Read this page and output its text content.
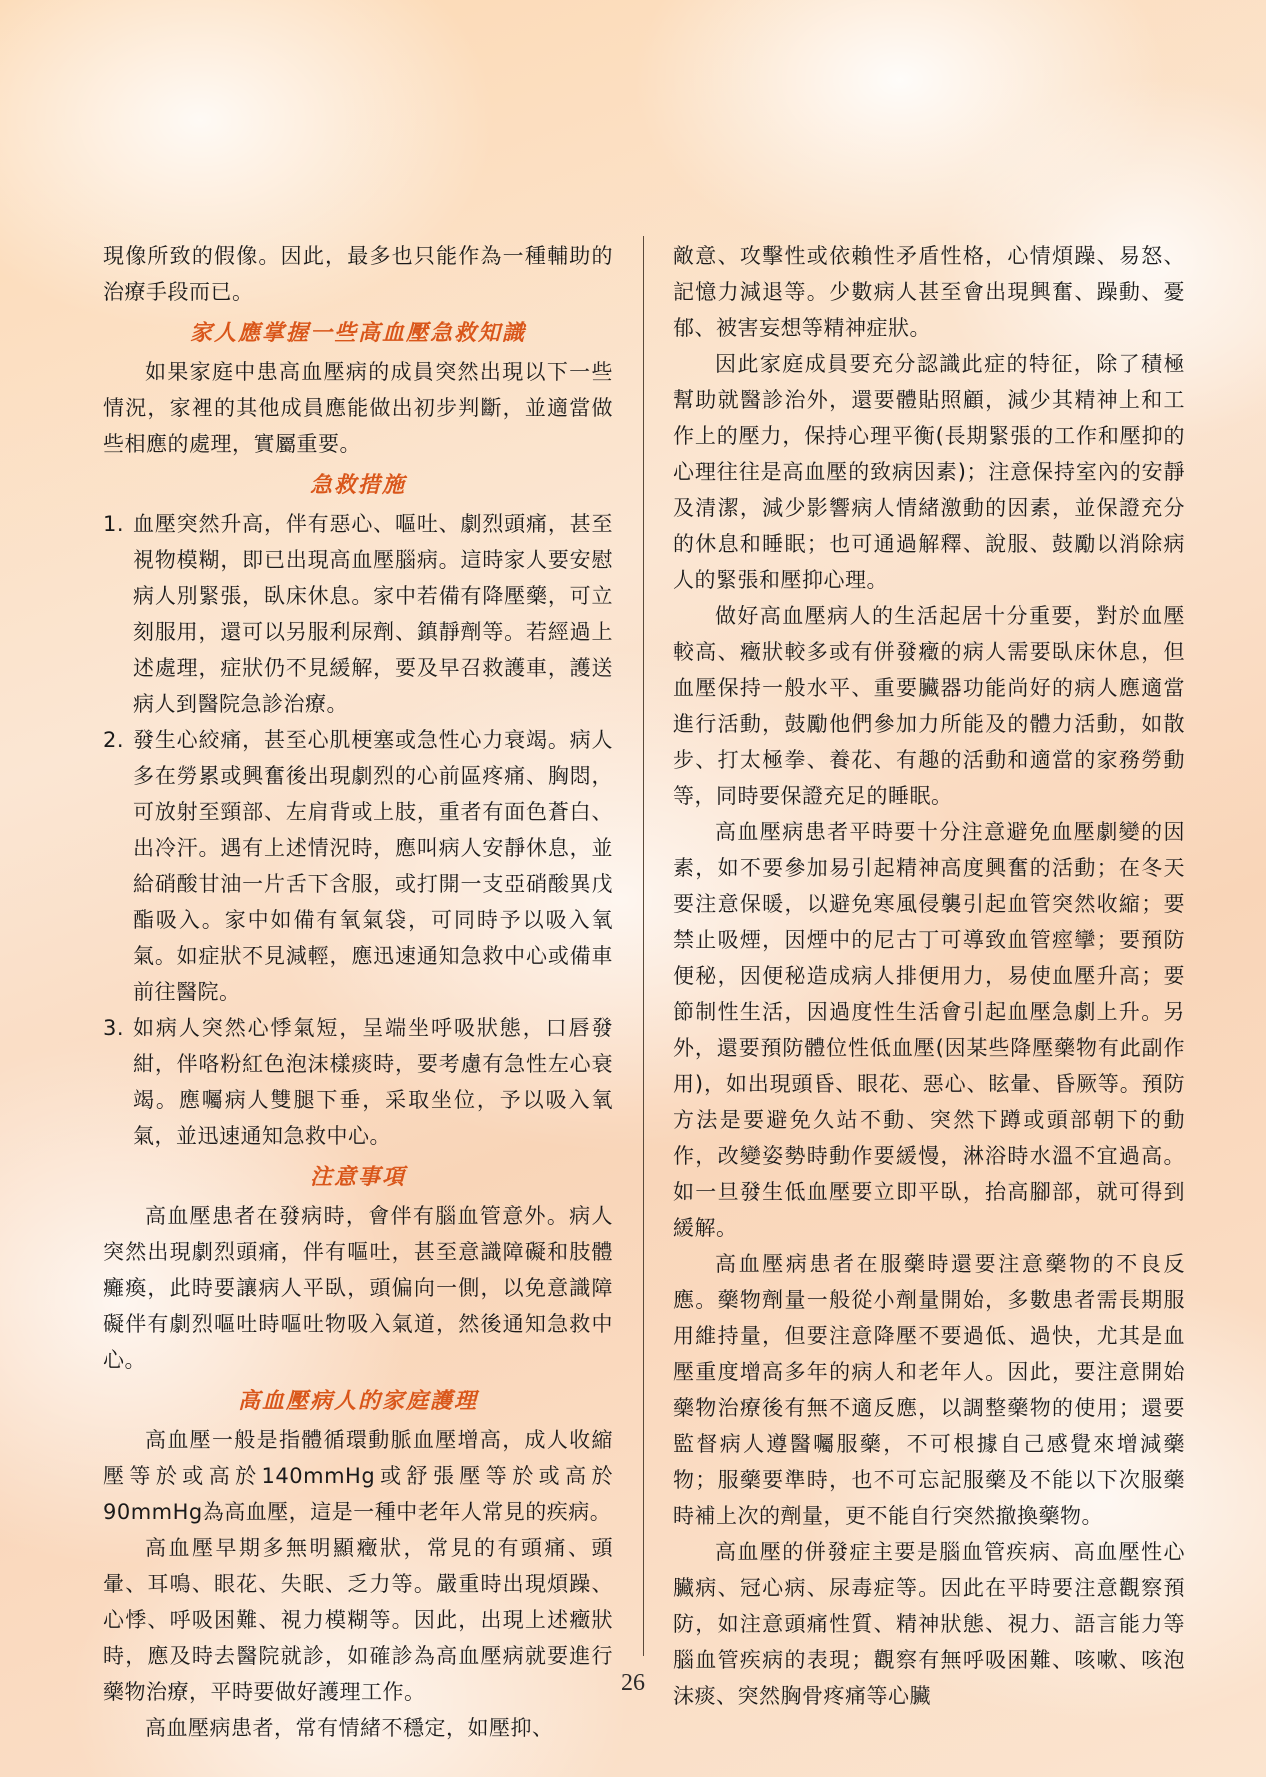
現像所致的假像。因此，最多也只能作為一種輔助的治療手段而已。

家人應掌握一些高血壓急救知識

如果家庭中患高血壓病的成員突然出現以下一些情況，家裡的其他成員應能做出初步判斷，並適當做些相應的處理，實屬重要。

急救措施
1. 血壓突然升高，伴有惡心、嘔吐、劇烈頭痛，甚至視物模糊，即已出現高血壓腦病。這時家人要安慰病人別緊張，臥床休息。家中若備有降壓藥，可立刻服用，還可以另服利尿劑、鎮靜劑等。若經過上述處理，症狀仍不見緩解，要及早召救護車，護送病人到醫院急診治療。
2. 發生心絞痛，甚至心肌梗塞或急性心力衰竭。病人多在勞累或興奮後出現劇烈的心前區疼痛、胸悶，可放射至頸部、左肩背或上肢，重者有面色蒼白、出冷汗。遇有上述情況時，應叫病人安靜休息，並給硝酸甘油一片舌下含服，或打開一支亞硝酸異戊酯吸入。家中如備有氧氣袋，可同時予以吸入氧氣。如症狀不見減輕，應迅速通知急救中心或備車前往醫院。
3. 如病人突然心悸氣短，呈端坐呼吸狀態，口唇發紺，伴咯粉紅色泡沫樣痰時，要考慮有急性左心衰竭。應囑病人雙腿下垂，采取坐位，予以吸入氧氣，並迅速通知急救中心。
注意事項

高血壓患者在發病時，會伴有腦血管意外。病人突然出現劇烈頭痛，伴有嘔吐，甚至意識障礙和肢體癱瘓，此時要讓病人平臥，頭偏向一側，以免意識障礙伴有劇烈嘔吐時嘔吐物吸入氣道，然後通知急救中心。

高血壓病人的家庭護理

高血壓一般是指體循環動脈血壓增高，成人收縮壓等於或高於140mmHg或舒張壓等於或高於90mmHg為高血壓，這是一種中老年人常見的疾病。

高血壓早期多無明顯癥狀，常見的有頭痛、頭暈、耳鳴、眼花、失眠、乏力等。嚴重時出現煩躁、心悸、呼吸困難、視力模糊等。因此，出現上述癥狀時，應及時去醫院就診，如確診為高血壓病就要進行藥物治療，平時要做好護理工作。

高血壓病患者，常有情緒不穩定，如壓抑、

敵意、攻擊性或依賴性矛盾性格，心情煩躁、易怒、記憶力減退等。少數病人甚至會出現興奮、躁動、憂郁、被害妄想等精神症狀。

因此家庭成員要充分認識此症的特征，除了積極幫助就醫診治外，還要體貼照顧，減少其精神上和工作上的壓力，保持心理平衡(長期緊張的工作和壓抑的心理往往是高血壓的致病因素)；注意保持室內的安靜及清潔，減少影響病人情緒激動的因素，並保證充分的休息和睡眠；也可通過解釋、說服、鼓勵以消除病人的緊張和壓抑心理。

做好高血壓病人的生活起居十分重要，對於血壓較高、癥狀較多或有併發癥的病人需要臥床休息，但血壓保持一般水平、重要臟器功能尚好的病人應適當進行活動，鼓勵他們參加力所能及的體力活動，如散步、打太極拳、養花、有趣的活動和適當的家務勞動等，同時要保證充足的睡眠。

高血壓病患者平時要十分注意避免血壓劇變的因素，如不要參加易引起精神高度興奮的活動；在冬天要注意保暖，以避免寒風侵襲引起血管突然收縮；要禁止吸煙，因煙中的尼古丁可導致血管痙攣；要預防便秘，因便秘造成病人排便用力，易使血壓升高；要節制性生活，因過度性生活會引起血壓急劇上升。另外，還要預防體位性低血壓(因某些降壓藥物有此副作用)，如出現頭昏、眼花、惡心、眩暈、昏厥等。預防方法是要避免久站不動、突然下蹲或頭部朝下的動作，改變姿勢時動作要緩慢，淋浴時水溫不宜過高。如一旦發生低血壓要立即平臥，抬高腳部，就可得到緩解。

高血壓病患者在服藥時還要注意藥物的不良反應。藥物劑量一般從小劑量開始，多數患者需長期服用維持量，但要注意降壓不要過低、過快，尤其是血壓重度增高多年的病人和老年人。因此，要注意開始藥物治療後有無不適反應，以調整藥物的使用；還要監督病人遵醫囑服藥，不可根據自己感覺來增減藥物；服藥要準時，也不可忘記服藥及不能以下次服藥時補上次的劑量，更不能自行突然撤換藥物。

高血壓的併發症主要是腦血管疾病、高血壓性心臟病、冠心病、尿毒症等。因此在平時要注意觀察預防，如注意頭痛性質、精神狀態、視力、語言能力等腦血管疾病的表現；觀察有無呼吸困難、咳嗽、咳泡沫痰、突然胸骨疼痛等心臟

26
